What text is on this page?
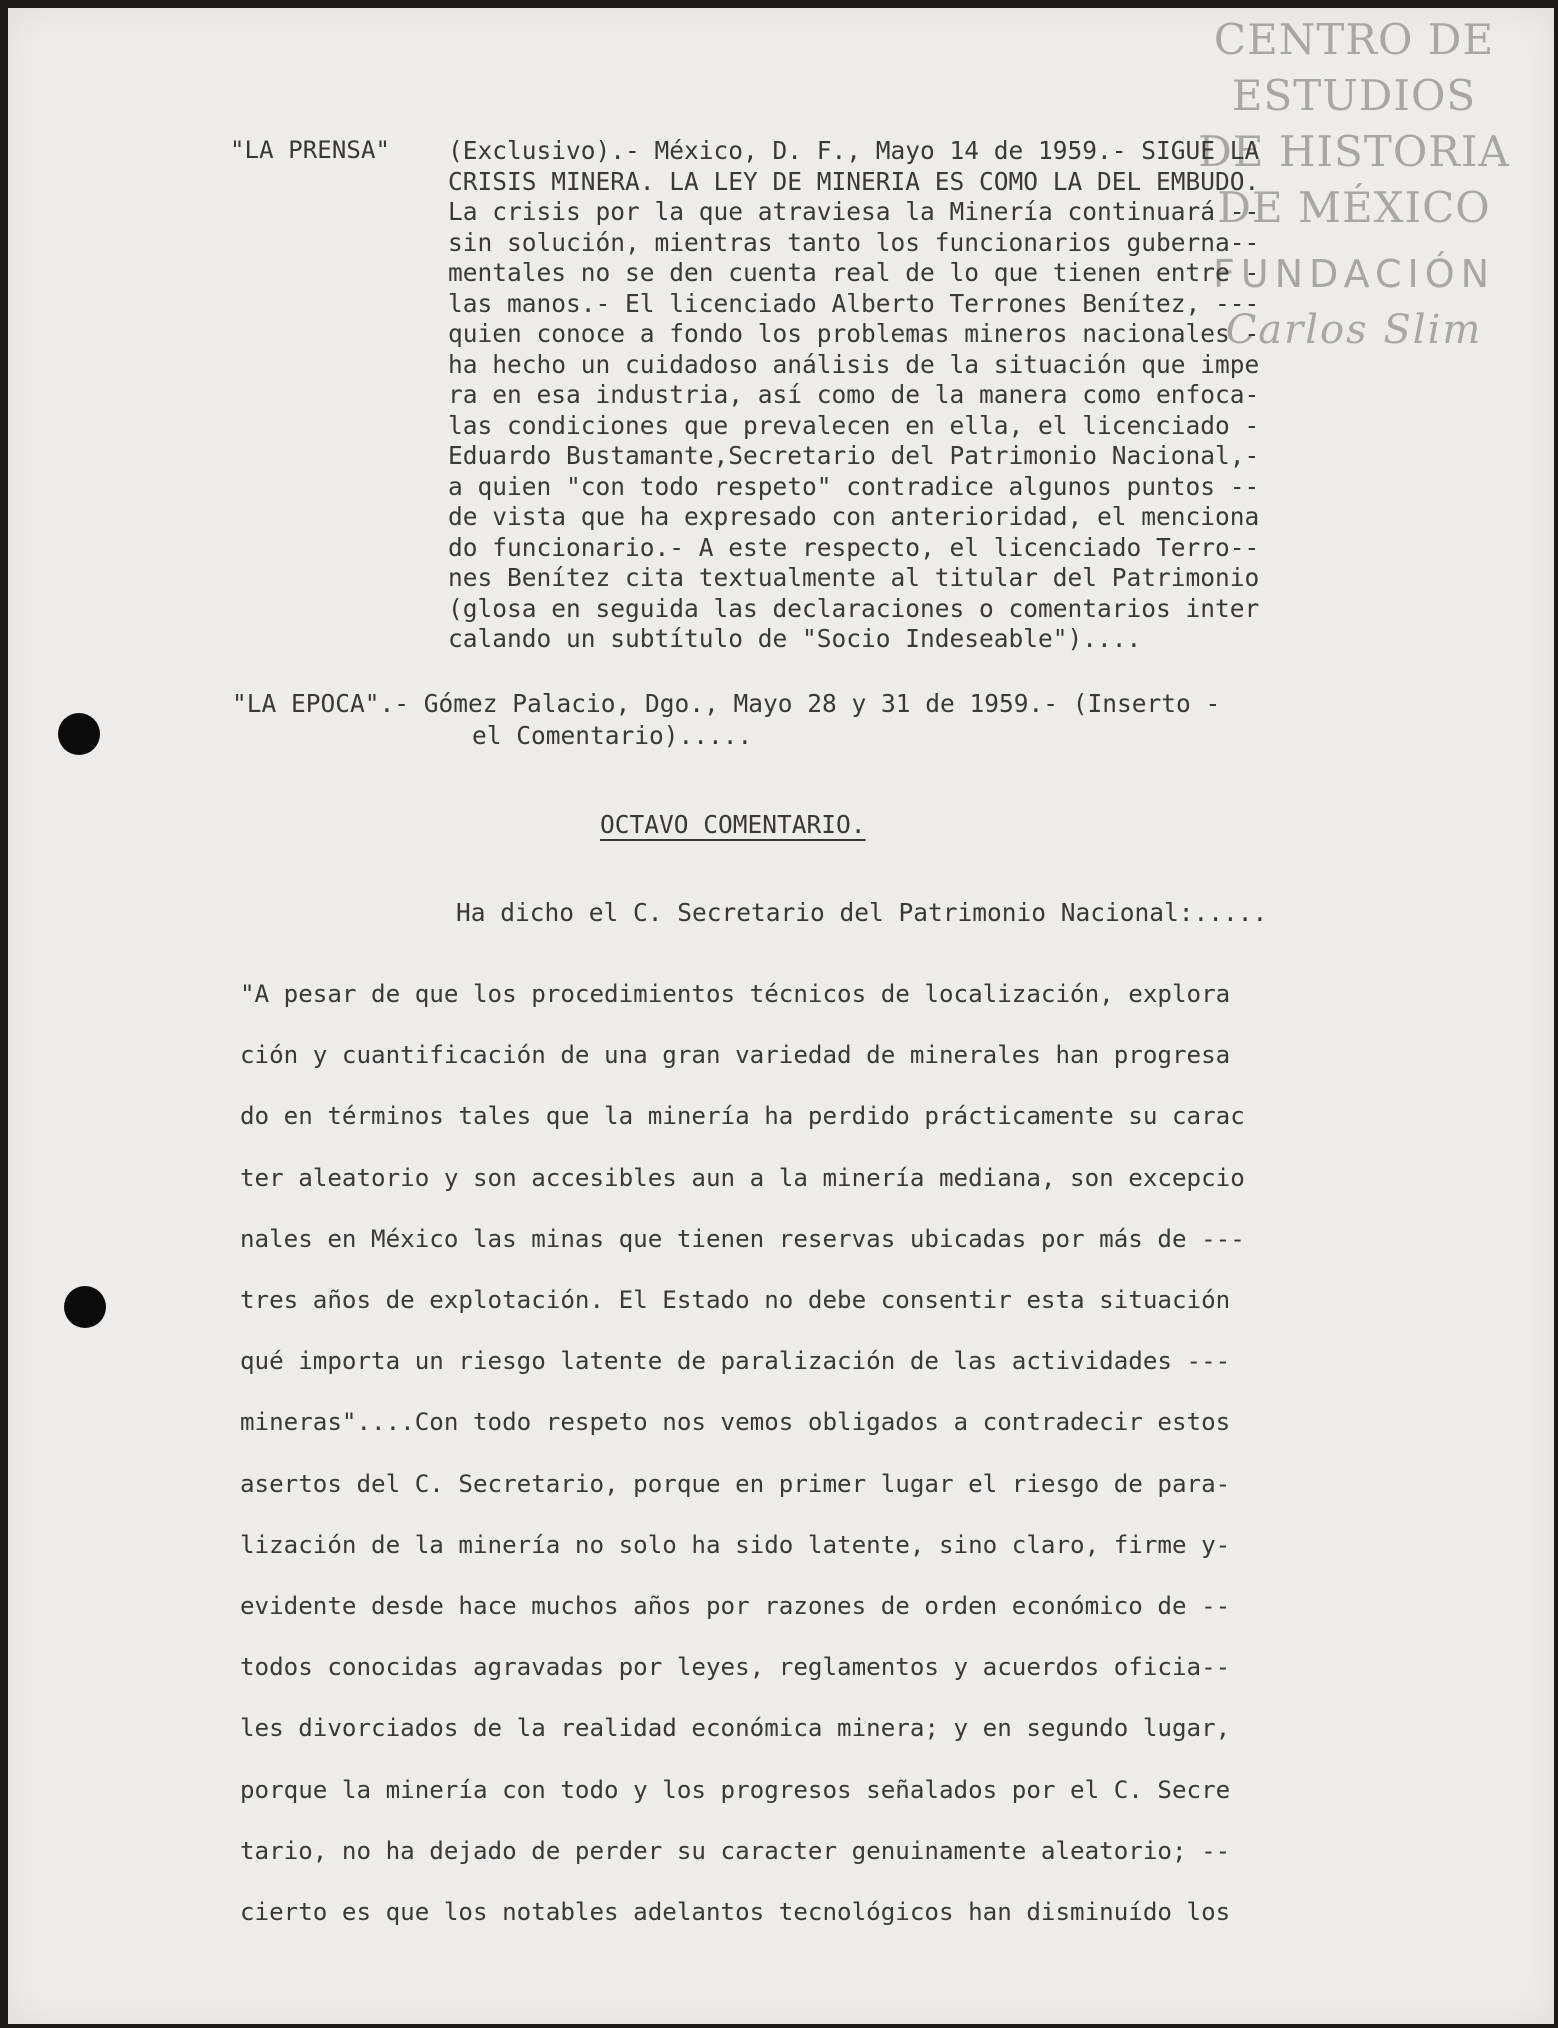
CENTRO DE
ESTUDIOS
DE HISTORIA
DE MÉXICO
FUNDACIÓN
Carlos Slim
"LA PRENSA" (Exclusivo).- México, D. F., Mayo 14 de 1959.- SIGUE LA
CRISIS MINERA. LA LEY DE MINERIA ES COMO LA DEL EMBUDO.
La crisis por la que atraviesa la Minería continuará --
sin solución, mientras tanto los funcionarios guberna--
mentales no se den cuenta real de lo que tienen entre -
las manos.- El licenciado Alberto Terrones Benítez, ---
quien conoce a fondo los problemas mineros nacionales -
ha hecho un cuidadoso análisis de la situación que impe
ra en esa industria, así como de la manera como enfoca-
las condiciones que prevalecen en ella, el licenciado -
Eduardo Bustamante,Secretario del Patrimonio Nacional,-
a quien "con todo respeto" contradice algunos puntos --
de vista que ha expresado con anterioridad, el menciona
do funcionario.- A este respecto, el licenciado Terro--
nes Benítez cita textualmente al titular del Patrimonio
(glosa en seguida las declaraciones o comentarios inter
calando un subtítulo de "Socio Indeseable")....
"LA EPOCA".- Gómez Palacio, Dgo., Mayo 28 y 31 de 1959.- (Inserto -
el Comentario).....
OCTAVO COMENTARIO.
Ha dicho el C. Secretario del Patrimonio Nacional:.....
"A pesar de que los procedimientos técnicos de localización, explora
ción y cuantificación de una gran variedad de minerales han progresa
do en términos tales que la minería ha perdido prácticamente su carac
ter aleatorio y son accesibles aun a la minería mediana, son excepcio
nales en México las minas que tienen reservas ubicadas por más de ---
tres años de explotación. El Estado no debe consentir esta situación
qué importa un riesgo latente de paralización de las actividades ---
mineras"....Con todo respeto nos vemos obligados a contradecir estos
asertos del C. Secretario, porque en primer lugar el riesgo de para-
lización de la minería no solo ha sido latente, sino claro, firme y-
evidente desde hace muchos años por razones de orden económico de --
todos conocidas agravadas por leyes, reglamentos y acuerdos oficia--
les divorciados de la realidad económica minera; y en segundo lugar,
porque la minería con todo y los progresos señalados por el C. Secre
tario, no ha dejado de perder su caracter genuinamente aleatorio; --
cierto es que los notables adelantos tecnológicos han disminuído los
